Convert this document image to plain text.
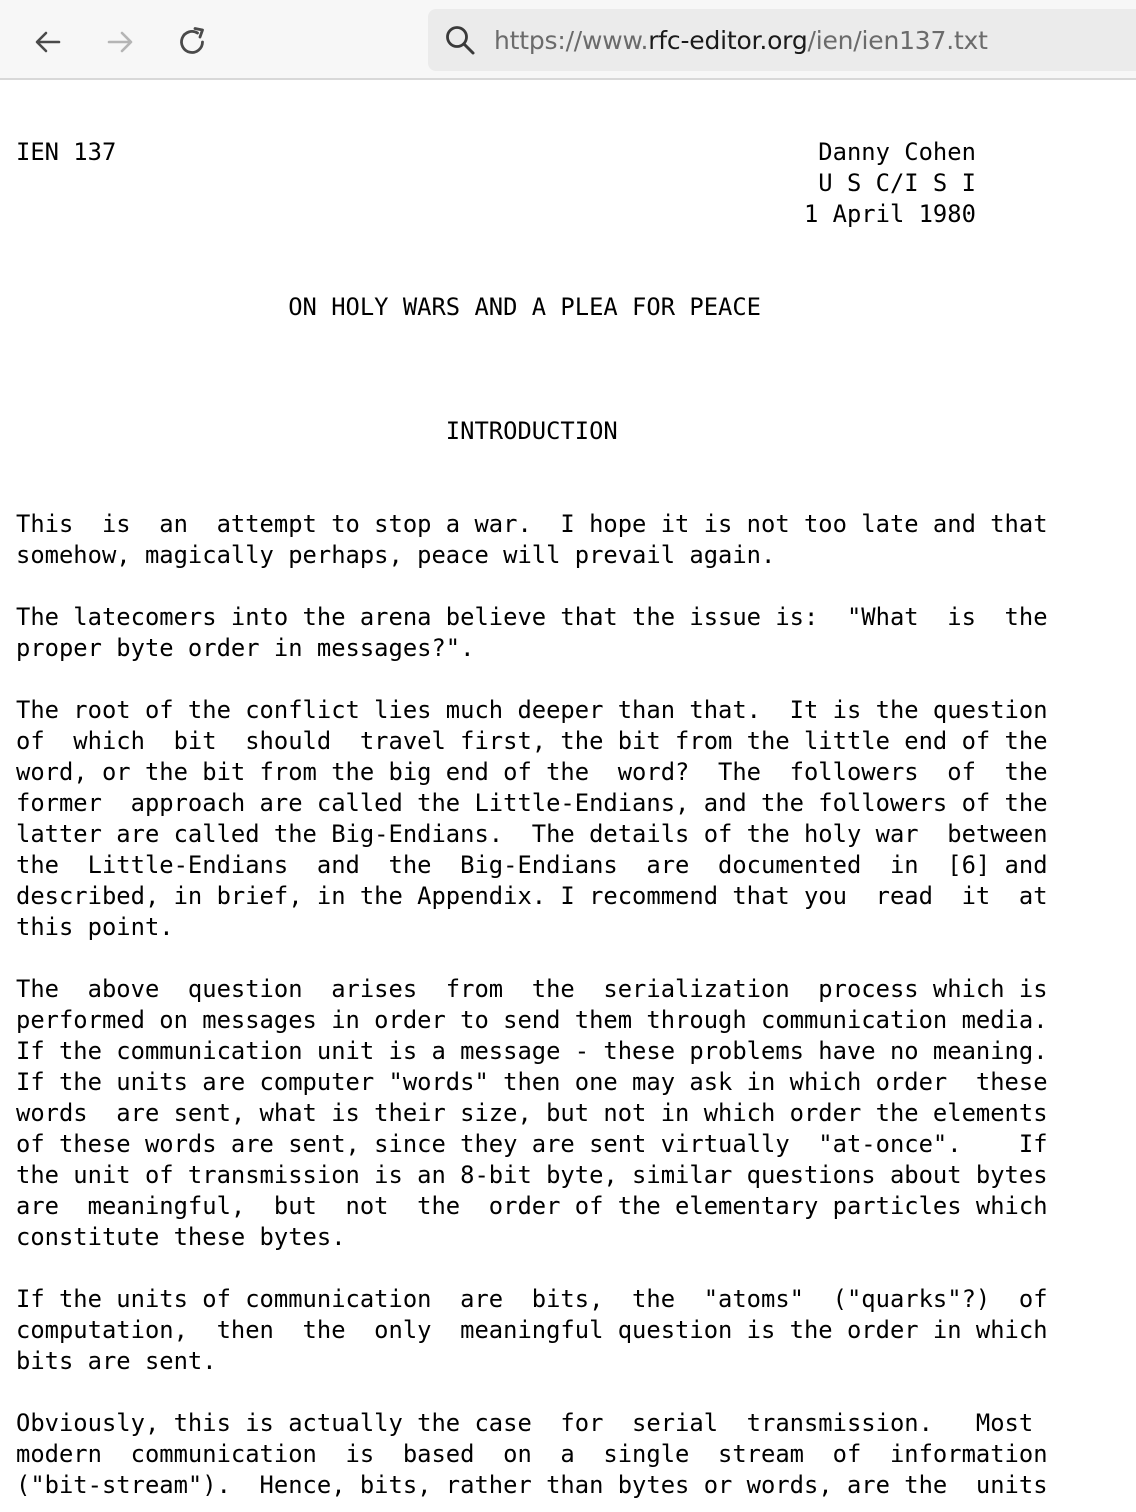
https://www.rfc-editor.org/ien/ien137.txt
IEN 137                                                 Danny Cohen
U S C/I S I
1 April 1980

ON HOLY WARS AND A PLEA FOR PEACE

INTRODUCTION

This  is  an  attempt to stop a war.  I hope it is not too late and that
somehow, magically perhaps, peace will prevail again.

The latecomers into the arena believe that the issue is:  "What  is  the
proper byte order in messages?".

The root of the conflict lies much deeper than that.  It is the question
of  which  bit  should  travel first, the bit from the little end of the
word, or the bit from the big end of the  word?  The  followers  of  the
former  approach are called the Little-Endians, and the followers of the
latter are called the Big-Endians.  The details of the holy war  between
the  Little-Endians  and  the  Big-Endians  are  documented  in  [6] and
described, in brief, in the Appendix. I recommend that you  read  it  at
this point.

The  above  question  arises  from  the  serialization  process which is
performed on messages in order to send them through communication media.
If the communication unit is a message - these problems have no meaning.
If the units are computer "words" then one may ask in which order  these
words  are sent, what is their size, but not in which order the elements
of these words are sent, since they are sent virtually  "at-once".    If
the unit of transmission is an 8-bit byte, similar questions about bytes
are  meaningful,  but  not  the  order of the elementary particles which
constitute these bytes.

If the units of communication  are  bits,  the  "atoms"  ("quarks"?)  of
computation,  then  the  only  meaningful question is the order in which
bits are sent.

Obviously, this is actually the case  for  serial  transmission.   Most
modern  communication  is  based  on  a  single  stream  of  information
("bit-stream").  Hence, bits, rather than bytes or words, are the  units
